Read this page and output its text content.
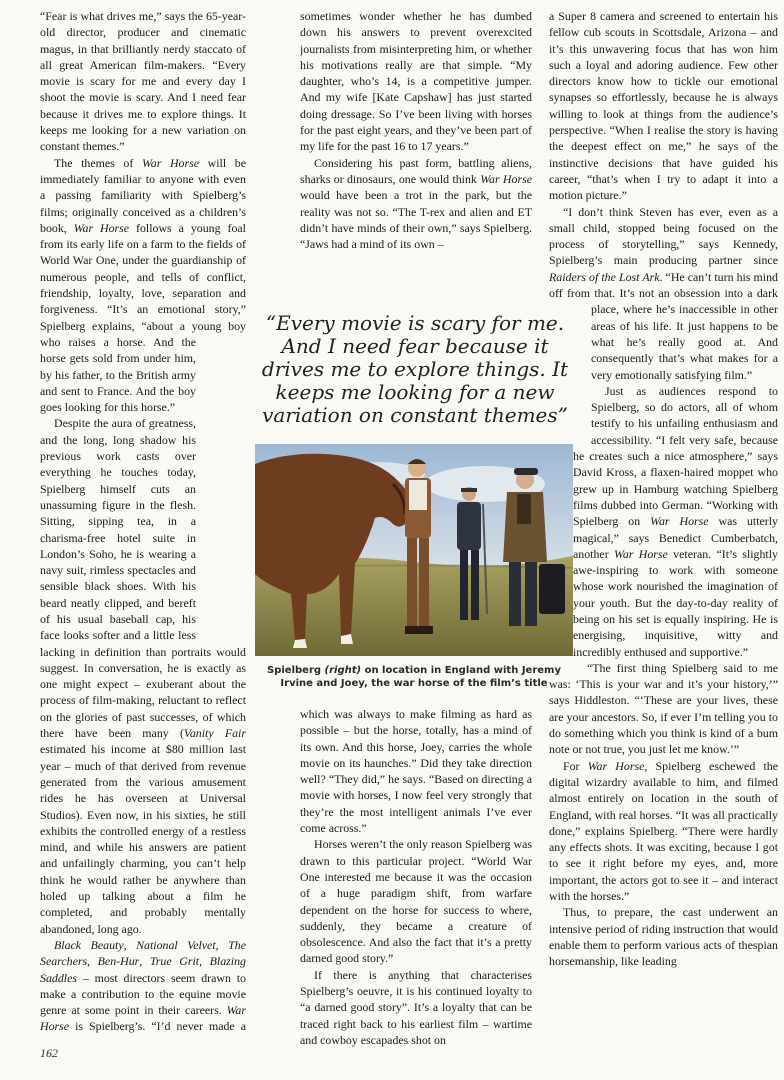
“Fear is what drives me,” says the 65-year-old director, producer and cinematic magus, in that brilliantly nerdy staccato of all great American film-makers. “Every movie is scary for me and every day I shoot the movie is scary. And I need fear because it drives me to explore things. It keeps me looking for a new variation on constant themes.”

The themes of War Horse will be immediately familiar to anyone with even a passing familiarity with Spielberg’s films; originally conceived as a children’s book, War Horse follows a young foal from its early life on a farm to the fields of World War One, under the guardianship of numerous people, and tells of conflict, friendship, loyalty, love, separation and forgiveness. “It’s an emotional story,” Spielberg explains, “about a young boy who raises a horse. And the horse gets sold from under him, by his father, to the British army and sent to France. And the boy goes looking for this horse.”

Despite the aura of greatness, and the long, long shadow his previous work casts over everything he touches today, Spielberg himself cuts an unassuming figure in the flesh. Sitting, sipping tea, in a charisma-free hotel suite in London’s Soho, he is wearing a navy suit, rimless spectacles and sensible black shoes. With his beard neatly clipped, and bereft of his usual baseball cap, his face looks softer and a little less lacking in definition than portraits would suggest. In conversation, he is exactly as one might expect – exuberant about the process of film-making, reluctant to reflect on the glories of past successes, of which there have been many (Vanity Fair estimated his income at $80 million last year – much of that derived from revenue generated from the various amusement rides he has overseen at Universal Studios). Even now, in his sixties, he still exhibits the controlled energy of a restless mind, and while his answers are patient and unfailingly charming, you can’t help think he would rather be anywhere than holed up talking about a film he completed, and probably mentally abandoned, long ago.

Black Beauty, National Velvet, The Searchers, Ben-Hur, True Grit, Blazing Saddles – most directors seem drawn to make a contribution to the equine movie genre at some point in their careers. War Horse is Spielberg’s. “I’d never made a

sometimes wonder whether he has dumbed down his answers to prevent overexcited journalists from misinterpreting him, or whether his motivations really are that simple. “My daughter, who’s 14, is a competitive jumper. And my wife [Kate Capshaw] has just started doing dressage. So I’ve been living with horses for the past eight years, and they’ve been part of my life for the past 16 to 17 years.”

Considering his past form, battling aliens, sharks or dinosaurs, one would think War Horse would have been a trot in the park, but the reality was not so. “The T-rex and alien and ET didn’t have minds of their own,” says Spielberg. “Jaws had a mind of its own –

“Every movie is scary for me. And I need fear because it drives me to explore things. It keeps me looking for a new variation on constant themes”
Spielberg (right) on location in England with Jeremy Irvine and Joey, the war horse of the film’s title

which was always to make filming as hard as possible – but the horse, totally, has a mind of its own. And this horse, Joey, carries the whole movie on its haunches.” Did they take direction well? “They did,” he says. “Based on directing a movie with horses, I now feel very strongly that they’re the most intelligent animals I’ve ever come across.”

Horses weren’t the only reason Spielberg was drawn to this particular project. “World War One interested me because it was the occasion of a huge paradigm shift, from warfare dependent on the horse for success to where, suddenly, they became a creature of obsolescence. And also the fact that it’s a pretty darned good story.”

If there is anything that characterises Spielberg’s oeuvre, it is his continued loyalty to “a darned good story”. It’s a loyalty that can be traced right back to his earliest film – wartime and cowboy escapades shot on

a Super 8 camera and screened to entertain his fellow cub scouts in Scottsdale, Arizona – and it’s this unwavering focus that has won him such a loyal and adoring audience. Few other directors know how to tickle our emotional synapses so effortlessly, because he is always willing to look at things from the audience’s perspective. “When I realise the story is having the deepest effect on me,” he says of the instinctive decisions that have guided his career, “that’s when I try to adapt it into a motion picture.”

“I don’t think Steven has ever, even as a small child, stopped being focused on the process of storytelling,” says Kennedy, Spielberg’s main producing partner since Raiders of the Lost Ark. “He can’t turn his mind off from that. It’s not an obsession into a dark place, where he’s inaccessible in other areas of his life. It just happens to be what he’s really good at. And consequently that’s what makes for a very emotionally satisfying film.”

Just as audiences respond to Spielberg, so do actors, all of whom testify to his unfailing enthusiasm and accessibility. “I felt very safe, because he creates such a nice atmosphere,” says David Kross, a flaxen-haired moppet who grew up in Hamburg watching Spielberg films dubbed into German. “Working with Spielberg on War Horse was utterly magical,” says Benedict Cumberbatch, another War Horse veteran. “It’s slightly awe-inspiring to work with someone whose work nourished the imagination of your youth. But the day-to-day reality of being on his set is equally inspiring. He is energising, inquisitive, witty and incredibly enthused and supportive.”

“The first thing Spielberg said to me was: ‘This is your war and it’s your history,’” says Hiddleston. “‘These are your lives, these are your ancestors. So, if ever I’m telling you to do something which you think is kind of a bum note or not true, you just let me know.’”

For War Horse, Spielberg eschewed the digital wizardry available to him, and filmed almost entirely on location in the south of England, with real horses. “It was all practically done,” explains Spielberg. “There were hardly any effects shots. It was exciting, because I got to see it right before my eyes, and, more important, the actors got to see it – and interact with the horses.”

Thus, to prepare, the cast underwent an intensive period of riding instruction that would enable them to perform various acts of thespian horsemanship, like leading

162
